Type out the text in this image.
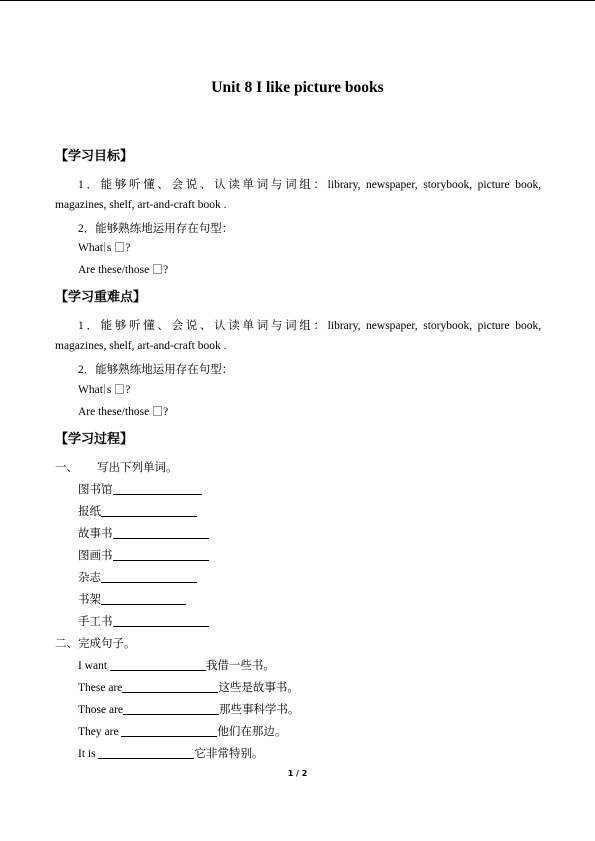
Unit 8 I like picture books
【学习目标】
1．能够听懂、会说、认读单词与词组：library, newspaper, storybook, picture book,
magazines, shelf, art-and-craft book .
2．能够熟练地运用存在句型：
What s ?
Are these/those ?
【学习重难点】
1．能够听懂、会说、认读单词与词组：library, newspaper, storybook, picture book,
magazines, shelf, art-and-craft book .
2．能够熟练地运用存在句型：
What s ?
Are these/those ?
【学习过程】
一、 写出下列单词。
图书馆
报纸
故事书
图画书
杂志
书架
手工书
二、完成句子。
I want	我借一些书。
These are	这些是故事书。
Those are	那些事科学书。
They are	他们在那边。
It is	它非常特别。
1 / 2
